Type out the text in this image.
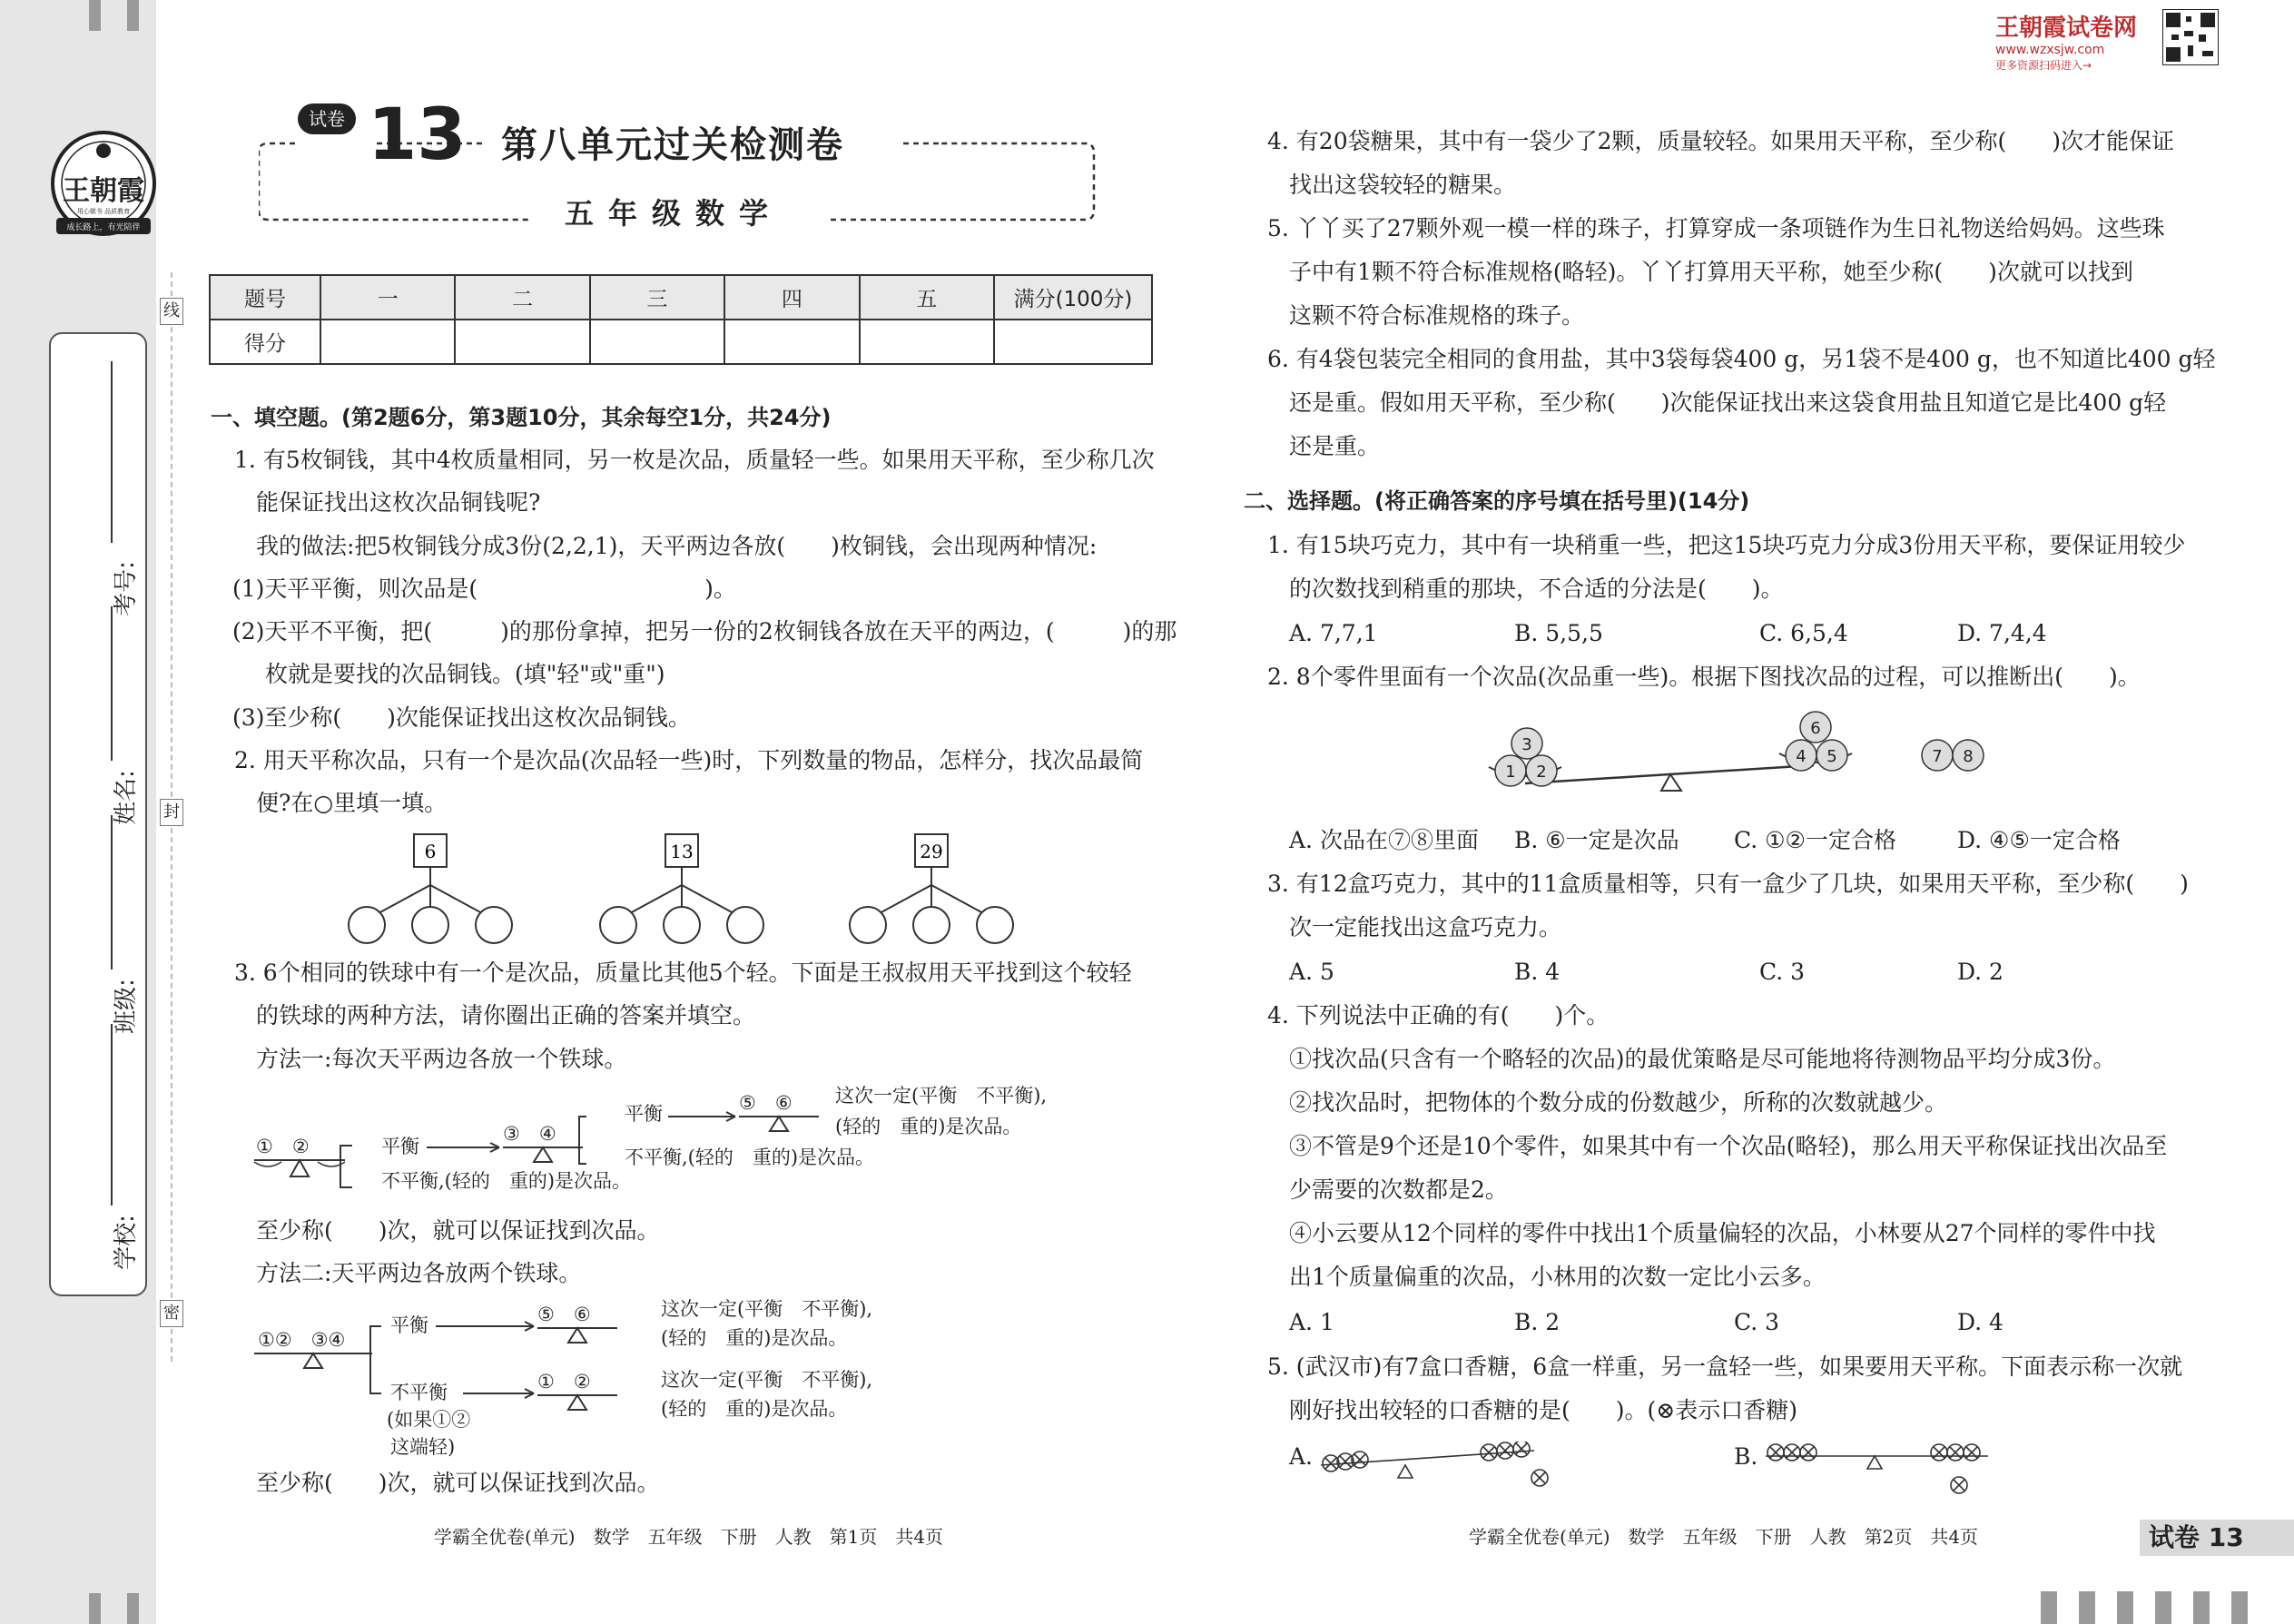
王朝霞
用心做书 品质教育
成长路上，有光陪伴
考号:
姓名:
班级:
学校:
线
封
密
试卷 13 第八单元过关检测卷
五年级数学
题号	一	二	三	四	五	满分(100分)
得分						
一、填空题。(第2题6分，第3题10分，其余每空1分，共24分)
1. 有5枚铜钱，其中4枚质量相同，另一枚是次品，质量轻一些。如果用天平称，至少称几次
能保证找出这枚次品铜钱呢?
我的做法:把5枚铜钱分成3份(2,2,1)，天平两边各放(　　)枚铜钱，会出现两种情况:
(1)天平平衡，则次品是(　　　　　　　　　　)。
(2)天平不平衡，把(　　　)的那份拿掉，把另一份的2枚铜钱各放在天平的两边，(　　　)的那
枚就是要找的次品铜钱。(填"轻"或"重")
(3)至少称(　　)次能保证找出这枚次品铜钱。
2. 用天平称次品，只有一个是次品(次品轻一些)时，下列数量的物品，怎样分，找次品最简
便?在○里填一填。
6	13	29
3. 6个相同的铁球中有一个是次品，质量比其他5个轻。下面是王叔叔用天平找到这个较轻
的铁球的两种方法，请你圈出正确的答案并填空。
方法一:每次天平两边各放一个铁球。
①　②	平衡
③　④
平衡	⑤　⑥ 这次一定(平衡　不平衡),
(轻的　重的)是次品。
不平衡,(轻的　重的)是次品。
不平衡,(轻的　重的)是次品。
至少称(　　)次，就可以保证找到次品。
方法二:天平两边各放两个铁球。
①②　③④
平衡	⑤　⑥	这次一定(平衡　不平衡),
(轻的　重的)是次品。
不平衡
(如果①②
这端轻)
①　②	这次一定(平衡　不平衡),
(轻的　重的)是次品。
至少称(　　)次，就可以保证找到次品。
学霸全优卷(单元)　数学　五年级　下册　人教　第1页　共4页
王朝霞试卷网
www.wzxsjw.com
更多资源扫码进入→
4. 有20袋糖果，其中有一袋少了2颗，质量较轻。如果用天平称，至少称(　　)次才能保证
找出这袋较轻的糖果。
5. 丫丫买了27颗外观一模一样的珠子，打算穿成一条项链作为生日礼物送给妈妈。这些珠
子中有1颗不符合标准规格(略轻)。丫丫打算用天平称，她至少称(　　)次就可以找到
这颗不符合标准规格的珠子。
6. 有4袋包装完全相同的食用盐，其中3袋每袋400 g，另1袋不是400 g，也不知道比400 g轻
还是重。假如用天平称，至少称(　　)次能保证找出来这袋食用盐且知道它是比400 g轻
还是重。
二、选择题。(将正确答案的序号填在括号里)(14分)
1. 有15块巧克力，其中有一块稍重一些，把这15块巧克力分成3份用天平称，要保证用较少
的次数找到稍重的那块，不合适的分法是(　　)。
A. 7,7,1	B. 5,5,5	C. 6,5,4	D. 7,4,4
2. 8个零件里面有一个次品(次品重一些)。根据下图找次品的过程，可以推断出(　　)。
1 2
3
4 5
6
7 8
A. 次品在⑦⑧里面 B. ⑥一定是次品 C. ①②一定合格	D. ④⑤一定合格
3. 有12盒巧克力，其中的11盒质量相等，只有一盒少了几块，如果用天平称，至少称(　　)
次一定能找出这盒巧克力。
A. 5	B. 4	C. 3	D. 2
4. 下列说法中正确的有(　　)个。
①找次品(只含有一个略轻的次品)的最优策略是尽可能地将待测物品平均分成3份。
②找次品时，把物体的个数分成的份数越少，所称的次数就越少。
③不管是9个还是10个零件，如果其中有一个次品(略轻)，那么用天平称保证找出次品至
少需要的次数都是2。
④小云要从12个同样的零件中找出1个质量偏轻的次品，小林要从27个同样的零件中找
出1个质量偏重的次品，小林用的次数一定比小云多。
A. 1	B. 2	C. 3	D. 4
5. (武汉市)有7盒口香糖，6盒一样重，另一盒轻一些，如果要用天平称。下面表示称一次就
刚好找出较轻的口香糖的是(　　)。(⊗表示口香糖)
A.	B.
学霸全优卷(单元)　数学　五年级　下册　人教　第2页　共4页	试卷 13
